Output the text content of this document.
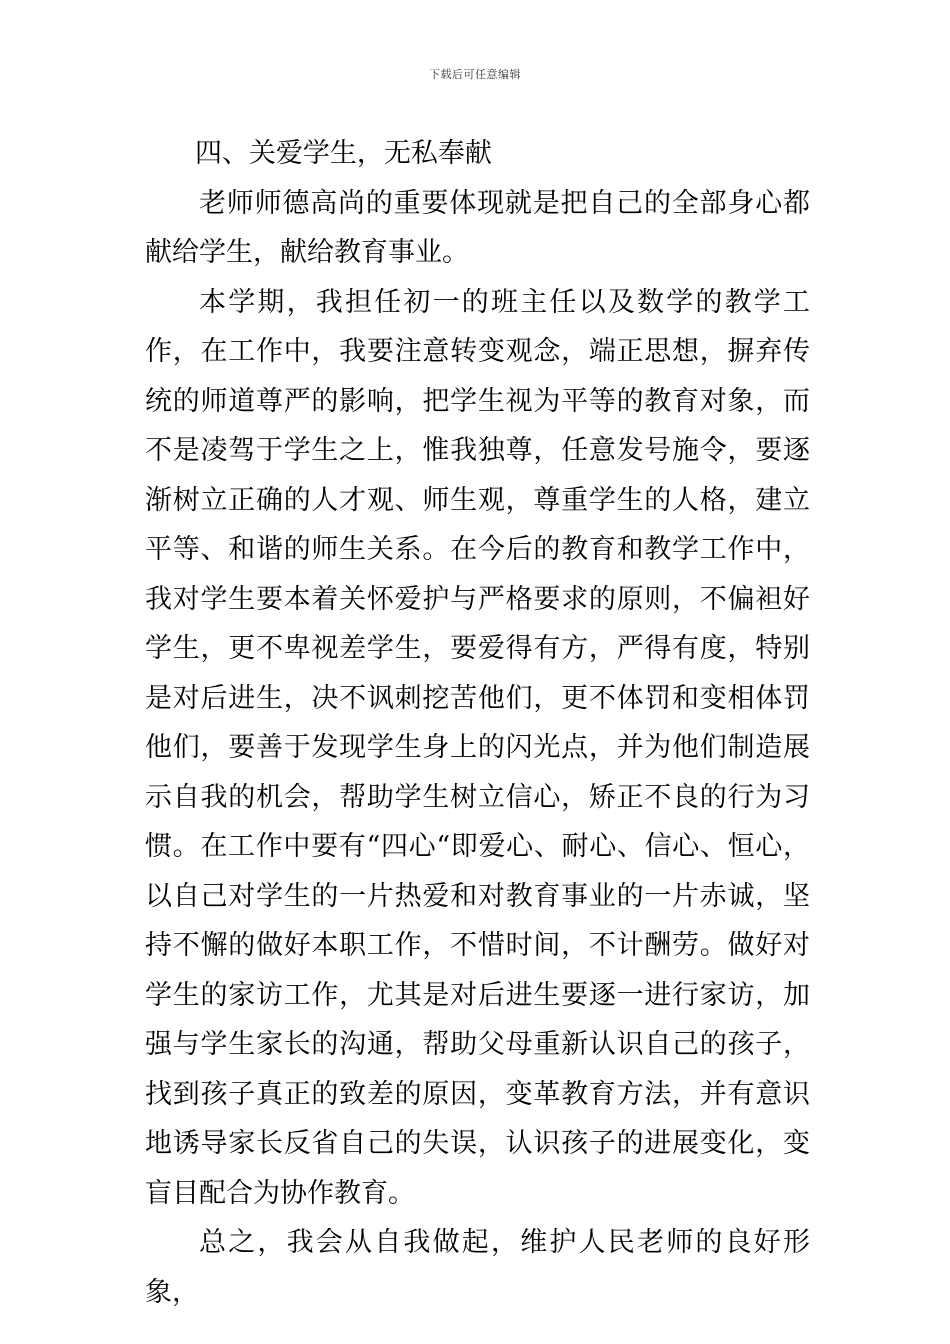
下载后可任意编辑

四、关爱学生，无私奉献

老师师德高尚的重要体现就是把自己的全部身心都献给学生，献给教育事业。

本学期，我担任初一的班主任以及数学的教学工作，在工作中，我要注意转变观念，端正思想，摒弃传统的师道尊严的影响，把学生视为平等的教育对象，而不是凌驾于学生之上，惟我独尊，任意发号施令，要逐渐树立正确的人才观、师生观，尊重学生的人格，建立平等、和谐的师生关系。在今后的教育和教学工作中，我对学生要本着关怀爱护与严格要求的原则，不偏袒好学生，更不卑视差学生，要爱得有方，严得有度，特别是对后进生，决不讽刺挖苦他们，更不体罚和变相体罚他们，要善于发现学生身上的闪光点，并为他们制造展示自我的机会，帮助学生树立信心，矫正不良的行为习惯。在工作中要有“四心“即爱心、耐心、信心、恒心，以自己对学生的一片热爱和对教育事业的一片赤诚，坚持不懈的做好本职工作，不惜时间，不计酬劳。做好对学生的家访工作，尤其是对后进生要逐一进行家访，加强与学生家长的沟通，帮助父母重新认识自己的孩子，找到孩子真正的致差的原因，变革教育方法，并有意识地诱导家长反省自己的失误，认识孩子的进展变化，变盲目配合为协作教育。

总之，我会从自我做起，维护人民老师的良好形象，
